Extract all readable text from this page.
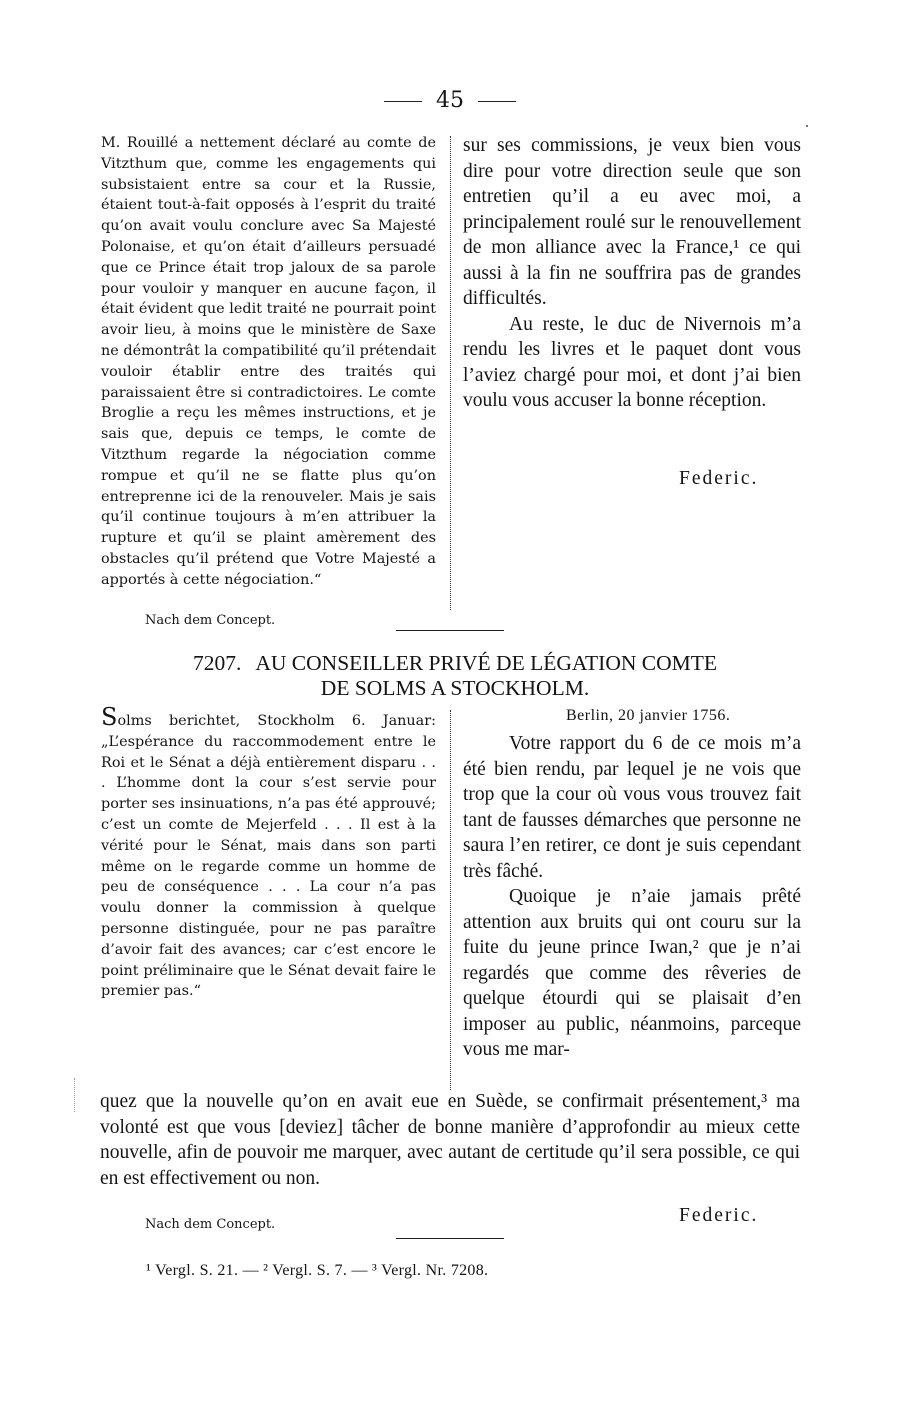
45
M. Rouillé a nettement déclaré au comte de Vitzthum que, comme les engagements qui subsistaient entre sa cour et la Russie, étaient tout-à-fait opposés à l’esprit du traité qu’on avait voulu conclure avec Sa Majesté Polonaise, et qu’on était d’ailleurs persuadé que ce Prince était trop jaloux de sa parole pour vouloir y manquer en aucune façon, il était évident que ledit traité ne pourrait point avoir lieu, à moins que le ministère de Saxe ne démontrât la compatibilité qu’il prétendait vouloir établir entre des traités qui paraissaient être si contradictoires. Le comte Broglie a reçu les mêmes instructions, et je sais que, depuis ce temps, le comte de Vitzthum regarde la négociation comme rompue et qu’il ne se flatte plus qu’on entreprenne ici de la renouveler. Mais je sais qu’il continue toujours à m’en attribuer la rupture et qu’il se plaint amèrement des obstacles qu’il prétend que Votre Majesté a apportés à cette négociation.“

sur ses commissions, je veux bien vous dire pour votre direction seule que son entretien qu’il a eu avec moi, a principalement roulé sur le renouvellement de mon alliance avec la France,¹ ce qui aussi à la fin ne souffrira pas de grandes difficultés.

Au reste, le duc de Nivernois m’a rendu les livres et le paquet dont vous l’aviez chargé pour moi, et dont j’ai bien voulu vous accuser la bonne réception.

Federic.
Nach dem Concept.
7207. AU CONSEILLER PRIVÉ DE LÉGATION COMTE
DE SOLMS A STOCKHOLM.
Solms berichtet, Stockholm 6. Januar: „L’espérance du raccommodement entre le Roi et le Sénat a déjà entièrement disparu . . . L’homme dont la cour s’est servie pour porter ses insinuations, n’a pas été approuvé; c’est un comte de Mejerfeld . . . Il est à la vérité pour le Sénat, mais dans son parti même on le regarde comme un homme de peu de conséquence . . . La cour n’a pas voulu donner la commission à quelque personne distinguée, pour ne pas paraître d’avoir fait des avances; car c’est encore le point préliminaire que le Sénat devait faire le premier pas.“
Berlin, 20 janvier 1756.

Votre rapport du 6 de ce mois m’a été bien rendu, par lequel je ne vois que trop que la cour où vous vous trouvez fait tant de fausses démarches que personne ne saura l’en retirer, ce dont je suis cependant très fâché.

Quoique je n’aie jamais prêté attention aux bruits qui ont couru sur la fuite du jeune prince Iwan,² que je n’ai regardés que comme des rêveries de quelque étourdi qui se plaisait d’en imposer au public, néanmoins, parceque vous me mar-

quez que la nouvelle qu’on en avait eue en Suède, se confirmait présentement,³ ma volonté est que vous [deviez] tâcher de bonne manière d’approfondir au mieux cette nouvelle, afin de pouvoir me marquer, avec autant de certitude qu’il sera possible, ce qui en est effectivement ou non.
Federic.
Nach dem Concept.
¹ Vergl. S. 21. — ² Vergl. S. 7. — ³ Vergl. Nr. 7208.
